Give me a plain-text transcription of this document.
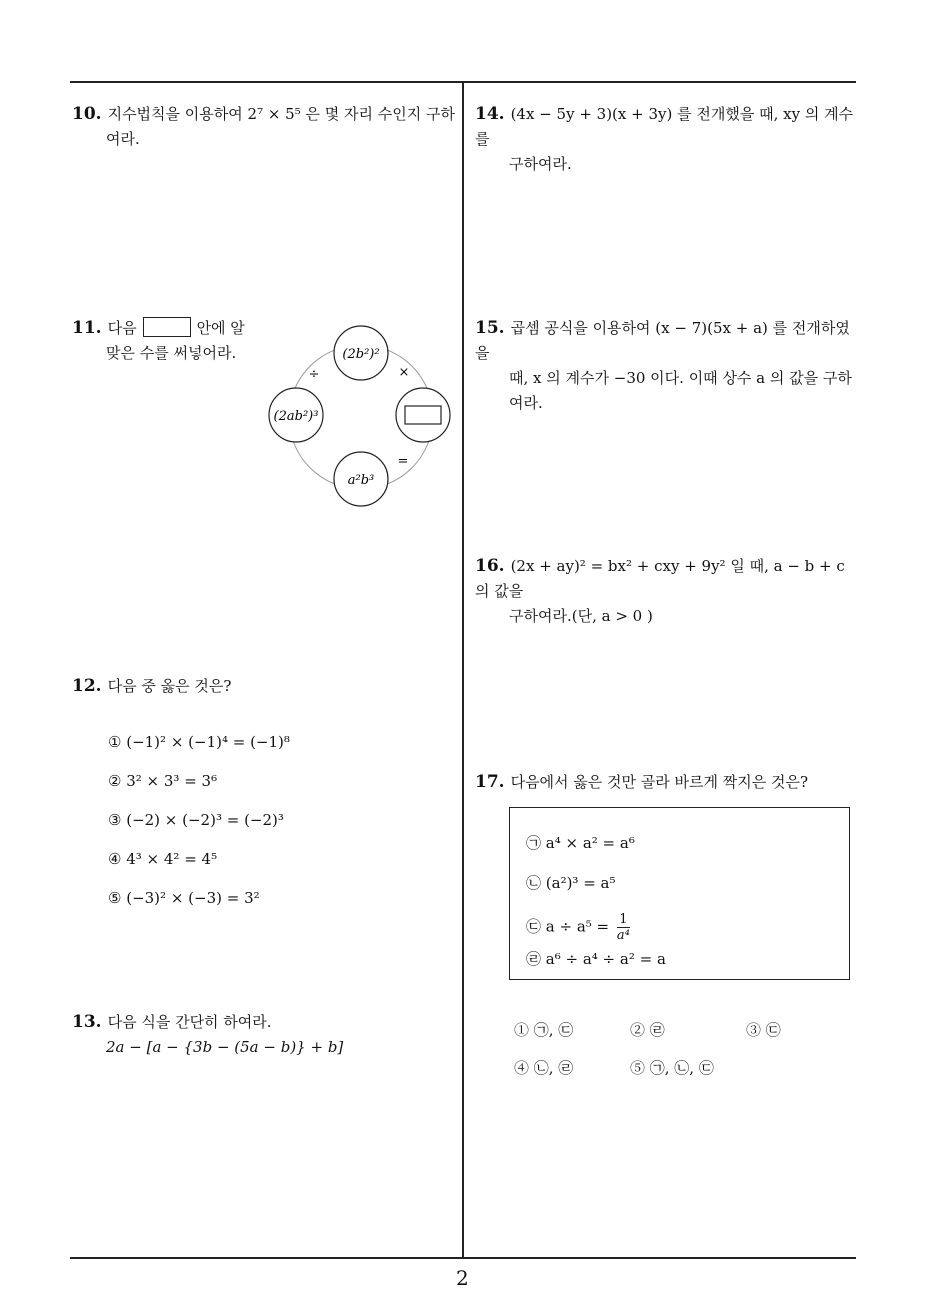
10. 지수법칙을 이용하여 2⁷ × 5⁵ 은 몇 자리 수인지 구하
여라.
11. 다음	안에 알
맞은 수를 써넣어라.	(2b²)²
(2ab²)³
a²b³
÷	×
=
12. 다음 중 옳은 것은?
① (−1)² × (−1)⁴ = (−1)⁸
② 3² × 3³ = 3⁶
③ (−2) × (−2)³ = (−2)³
④ 4³ × 4² = 4⁵
⑤ (−3)² × (−3) = 3²
13. 다음 식을 간단히 하여라.
2a − [a − {3b − (5a − b)} + b]
14. (4x − 5y + 3)(x + 3y) 를 전개했을 때, xy 의 계수를
구하여라.
15. 곱셈 공식을 이용하여 (x − 7)(5x + a) 를 전개하였을
때, x 의 계수가 −30 이다. 이때 상수 a 의 값을 구하
여라.
16. (2x + ay)² = bx² + cxy + 9y² 일 때, a − b + c 의 값을
구하여라.(단, a > 0 )
17. 다음에서 옳은 것만 골라 바르게 짝지은 것은?
㉠ a⁴ × a² = a⁶
㉡ (a²)³ = a⁵
㉢ $a \div a^5 = \frac{1}{\text{a⁴}}$
㉣ a⁶ ÷ a⁴ ÷ a² = a
① ㉠, ㉢	② ㉣	③ ㉢
④ ㉡, ㉣	⑤ ㉠, ㉡, ㉢
2
